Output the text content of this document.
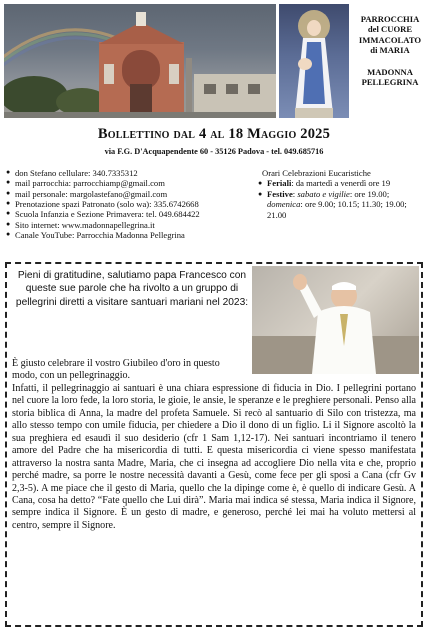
PARROCCHIA
del CUORE
IMMACOLATO
di MARIA
MADONNA
PELLEGRINA
Bollettino dal 4 al 18 Maggio 2025
via F.G. D'Acquapendente 60 - 35126 Padova - tel. 049.685716
● don Stefano cellulare: 340.7335312
● mail parrocchia: parrocchiamp@gmail.com
● mail personale: margolastefano@gmail.com
● Prenotazione spazi Patronato (solo wa): 335.6742668
● Scuola Infanzia e Sezione Primavera: tel. 049.684422
● Sito internet: www.madonnapellegrina.it
● Canale YouTube: Parrocchia Madonna Pellegrina
Orari Celebrazioni Eucaristiche
● Feriali: da martedì a venerdì ore 19
● Festive: sabato e vigilie: ore 19.00; domenica: ore 9.00; 10.15; 11.30; 19.00; 21.00
Pieni di gratitudine, salutiamo papa Francesco con queste sue parole che ha rivolto a un gruppo di pellegrini diretti a visitare santuari mariani nel 2023:
È giusto celebrare il vostro Giubileo d'oro in questo modo, con un pellegrinaggio.
Infatti, il pellegrinaggio ai santuari è una chiara espressione di fiducia in Dio. I pellegrini portano nel cuore la loro fede, la loro storia, le gioie, le ansie, le speranze e le preghiere personali. Penso alla storia biblica di Anna, la madre del profeta Samuele. Si recò al santuario di Silo con tristezza, ma allo stesso tempo con umile fiducia, per chiedere a Dio il dono di un figlio. Li il Signore ascoltò la sua preghiera ed esaudì il suo desiderio (cfr 1 Sam 1,12-17). Nei santuari incontriamo il tenero amore del Padre che ha misericordia di tutti. E questa misericordia ci viene spesso manifestata attraverso la nostra santa Madre, Maria, che ci insegna ad accogliere Dio nella vita e che, proprio perché madre, sa porre le nostre necessità davanti a Gesù, come fece per gli sposi a Cana (cfr Gv 2,3-5). A me piace che il gesto di Maria, quello che la dipinge come è, è quello di indicare Gesù. A Cana, cosa ha detto? “Fate quello che Lui dirà”. Maria mai indica sé stessa, Maria indica il Signore, sempre indica il Signore. È un gesto di madre, e generoso, perché lei mai ha voluto mettersi al centro, sempre il Signore.
